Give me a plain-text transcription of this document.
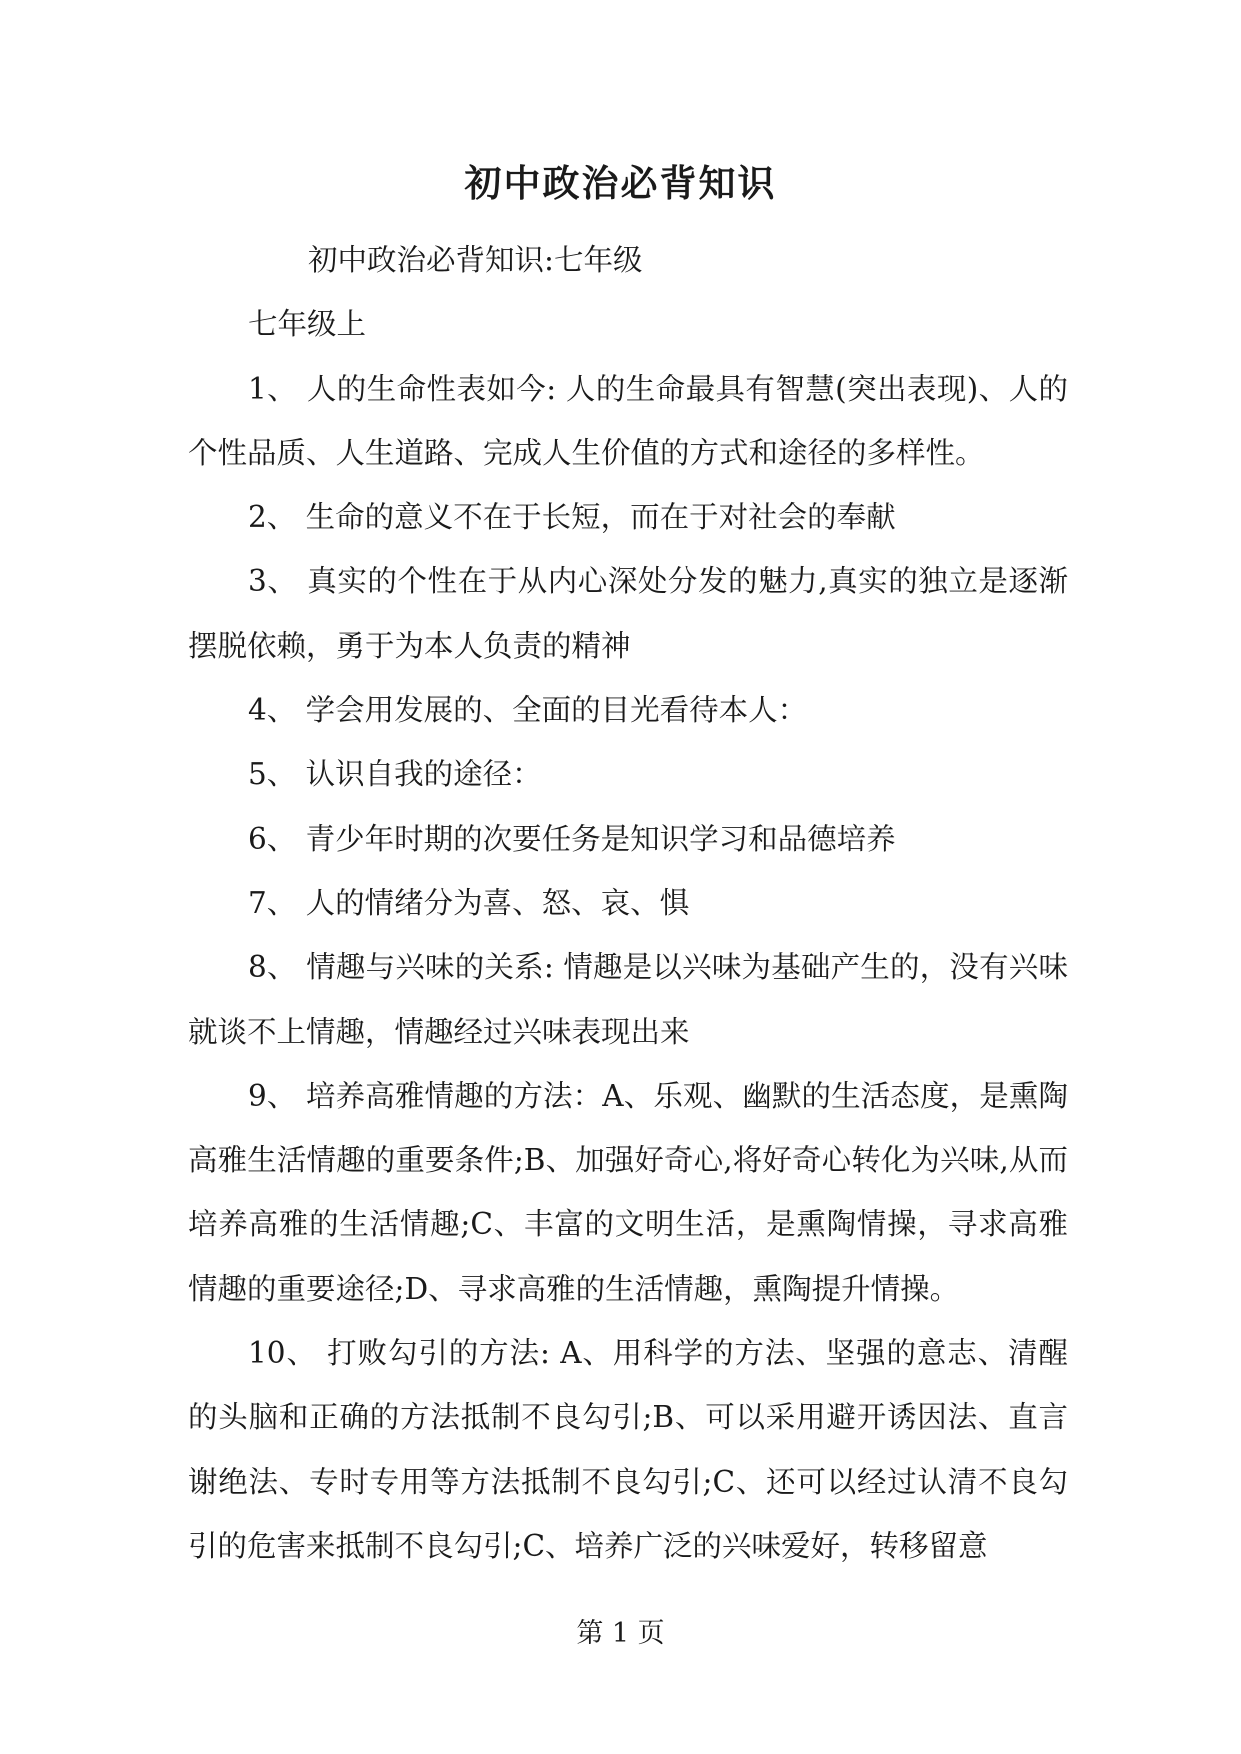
初中政治必背知识

初中政治必背知识:七年级

七年级上

1、 人的生命性表如今: 人的生命最具有智慧(突出表现)、人的个性品质、人生道路、完成人生价值的方式和途径的多样性。

2、 生命的意义不在于长短，而在于对社会的奉献

3、 真实的个性在于从内心深处分发的魅力,真实的独立是逐渐摆脱依赖，勇于为本人负责的精神

4、 学会用发展的、全面的目光看待本人：

5、 认识自我的途径：

6、 青少年时期的次要任务是知识学习和品德培养

7、 人的情绪分为喜、怒、哀、惧

8、 情趣与兴味的关系: 情趣是以兴味为基础产生的，没有兴味就谈不上情趣，情趣经过兴味表现出来

9、 培养高雅情趣的方法：A、乐观、幽默的生活态度，是熏陶高雅生活情趣的重要条件;B、加强好奇心,将好奇心转化为兴味,从而培养高雅的生活情趣;C、丰富的文明生活，是熏陶情操，寻求高雅情趣的重要途径;D、寻求高雅的生活情趣，熏陶提升情操。

10、 打败勾引的方法: A、用科学的方法、坚强的意志、清醒的头脑和正确的方法抵制不良勾引;B、可以采用避开诱因法、直言谢绝法、专时专用等方法抵制不良勾引;C、还可以经过认清不良勾引的危害来抵制不良勾引;C、培养广泛的兴味爱好，转移留意

第 1 页
